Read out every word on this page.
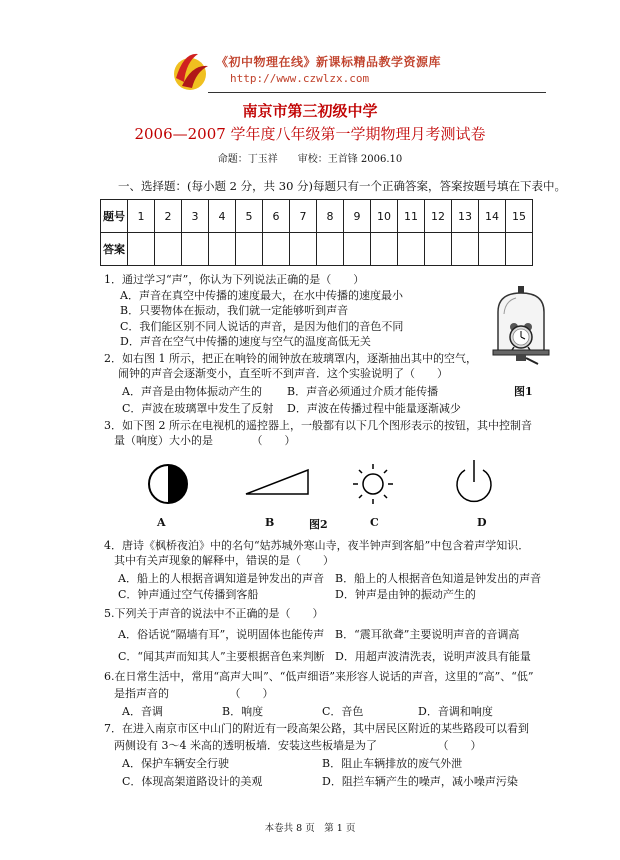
《初中物理在线》新课标精品教学资源库
http://www.czwlzx.com
南京市第三初级中学
2006—2007 学年度八年级第一学期物理月考测试卷
命题：丁玉祥　　审校：王首锋 2006.10
一、选择题：(每小题 2 分，共 30 分)每题只有一个正确答案，答案按题号填在下表中。
题号	1	2	3	4	5	6	7	8	9	10	11	12	13	14	15
答案															
1．通过学习“声”，你认为下列说法正确的是（　　）
A．声音在真空中传播的速度最大，在水中传播的速度最小
B．只要物体在振动，我们就一定能够听到声音
C．我们能区别不同人说话的声音，是因为他们的音色不同
D．声音在空气中传播的速度与空气的温度高低无关
2．如右图 1 所示，把正在响铃的闹钟放在玻璃罩内，逐渐抽出其中的空气，
闹钟的声音会逐渐变小，直至听不到声音．这个实验说明了（　　）
A．声音是由物体振动产生的 B．声音必须通过介质才能传播	图1
C．声波在玻璃罩中发生了反射 D．声波在传播过程中能量逐渐减少
3．如下图 2 所示在电视机的遥控器上，一般都有以下几个图形表示的按钮，其中控制音
量（响度）大小的是　　　　（　　）
A	B	图2	C	D
4．唐诗《枫桥夜泊》中的名句“姑苏城外寒山寺，夜半钟声到客船”中包含着声学知识．
其中有关声现象的解释中，错误的是（　　）
A．船上的人根据音调知道是钟发出的声音 B．船上的人根据音色知道是钟发出的声音
C．钟声通过空气传播到客船	D．钟声是由钟的振动产生的
5.下列关于声音的说法中不正确的是（　　）
A．俗话说“隔墙有耳”，说明固体也能传声 B．“震耳欲聋”主要说明声音的音调高
C．“闻其声而知其人”主要根据音色来判断 D．用超声波清洗表，说明声波具有能量
6.在日常生活中，常用“高声大叫”、“低声细语”来形容人说话的声音，这里的“高”、“低”
是指声音的　　　　　　（　　）
A．音调	B．响度	C．音色	D．音调和响度
7．在进入南京市区中山门的附近有一段高架公路，其中居民区附近的某些路段可以看到
两侧设有 3～4 米高的透明板墙．安装这些板墙是为了　　　　　　（　　）
A．保护车辆安全行驶	B．阻止车辆排放的废气外泄
C．体现高架道路设计的美观	D．阻拦车辆产生的噪声，减小噪声污染
本卷共 8 页　第 1 页
